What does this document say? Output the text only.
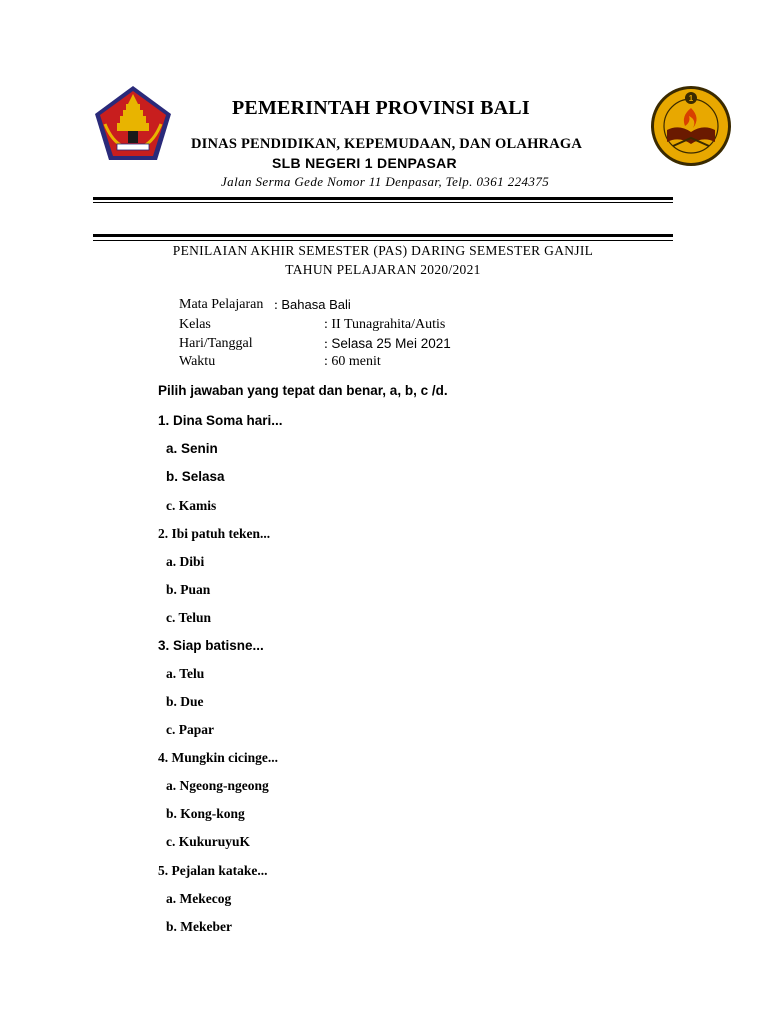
1
PEMERINTAH PROVINSI BALI
DINAS PENDIDIKAN, KEPEMUDAAN, DAN OLAHRAGA
SLB NEGERI 1 DENPASAR
Jalan Serma Gede Nomor 11 Denpasar, Telp. 0361 224375
PENILAIAN AKHIR SEMESTER (PAS) DARING SEMESTER GANJIL
TAHUN PELAJARAN 2020/2021
Mata Pelajaran : Bahasa Bali
Kelas	: II Tunagrahita/Autis
Hari/Tanggal	: Selasa 25 Mei 2021
Waktu	: 60 menit
Pilih jawaban yang tepat dan benar, a, b, c /d.
1. Dina Soma hari...
a. Senin
b. Selasa
c. Kamis
2. Ibi patuh teken...
a. Dibi
b. Puan
c. Telun
3. Siap batisne...
a. Telu
b. Due
c. Papar
4. Mungkin cicinge...
a. Ngeong-ngeong
b. Kong-kong
c. KukuruyuK
5. Pejalan katake...
a. Mekecog
b. Mekeber
